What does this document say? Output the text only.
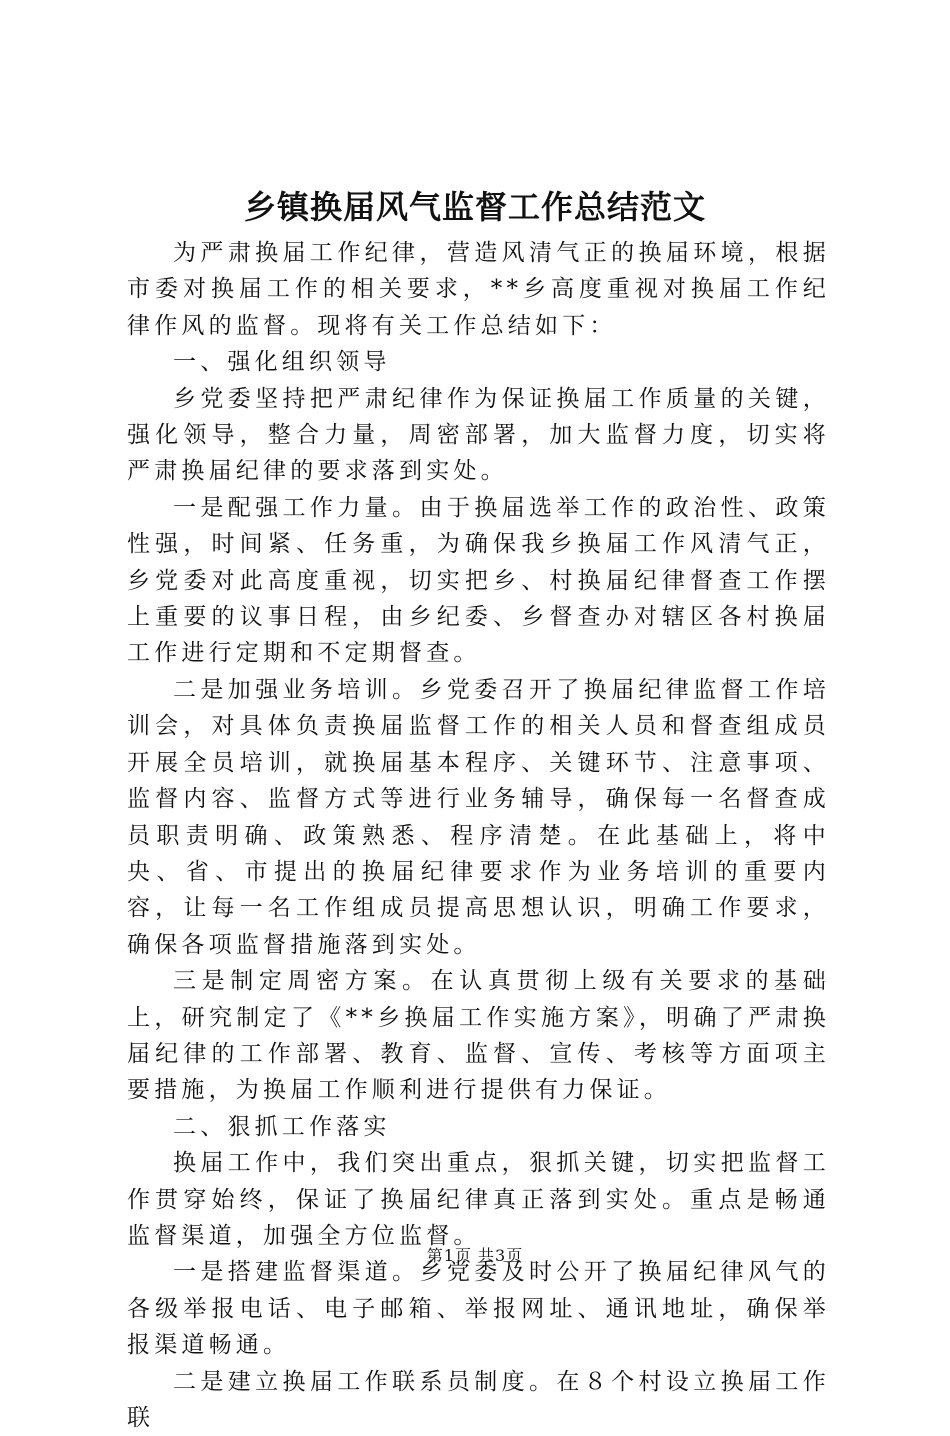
乡镇换届风气监督工作总结范文

为严肃换届工作纪律，营造风清气正的换届环境，根据市委对换届工作的相关要求，**乡高度重视对换届工作纪律作风的监督。现将有关工作总结如下：

一、强化组织领导

乡党委坚持把严肃纪律作为保证换届工作质量的关键，强化领导，整合力量，周密部署，加大监督力度，切实将严肃换届纪律的要求落到实处。

一是配强工作力量。由于换届选举工作的政治性、政策性强，时间紧、任务重，为确保我乡换届工作风清气正，乡党委对此高度重视，切实把乡、村换届纪律督查工作摆上重要的议事日程，由乡纪委、乡督查办对辖区各村换届工作进行定期和不定期督查。

二是加强业务培训。乡党委召开了换届纪律监督工作培训会，对具体负责换届监督工作的相关人员和督查组成员开展全员培训，就换届基本程序、关键环节、注意事项、监督内容、监督方式等进行业务辅导，确保每一名督查成员职责明确、政策熟悉、程序清楚。在此基础上，将中央、省、市提出的换届纪律要求作为业务培训的重要内容，让每一名工作组成员提高思想认识，明确工作要求，确保各项监督措施落到实处。

三是制定周密方案。在认真贯彻上级有关要求的基础上，研究制定了《**乡换届工作实施方案》，明确了严肃换届纪律的工作部署、教育、监督、宣传、考核等方面项主要措施，为换届工作顺利进行提供有力保证。

二、狠抓工作落实

换届工作中，我们突出重点，狠抓关键，切实把监督工作贯穿始终，保证了换届纪律真正落到实处。重点是畅通监督渠道，加强全方位监督。

一是搭建监督渠道。乡党委及时公开了换届纪律风气的各级举报电话、电子邮箱、举报网址、通讯地址，确保举报渠道畅通。

二是建立换届工作联系员制度。在８个村设立换届工作联

第1页 共3页
